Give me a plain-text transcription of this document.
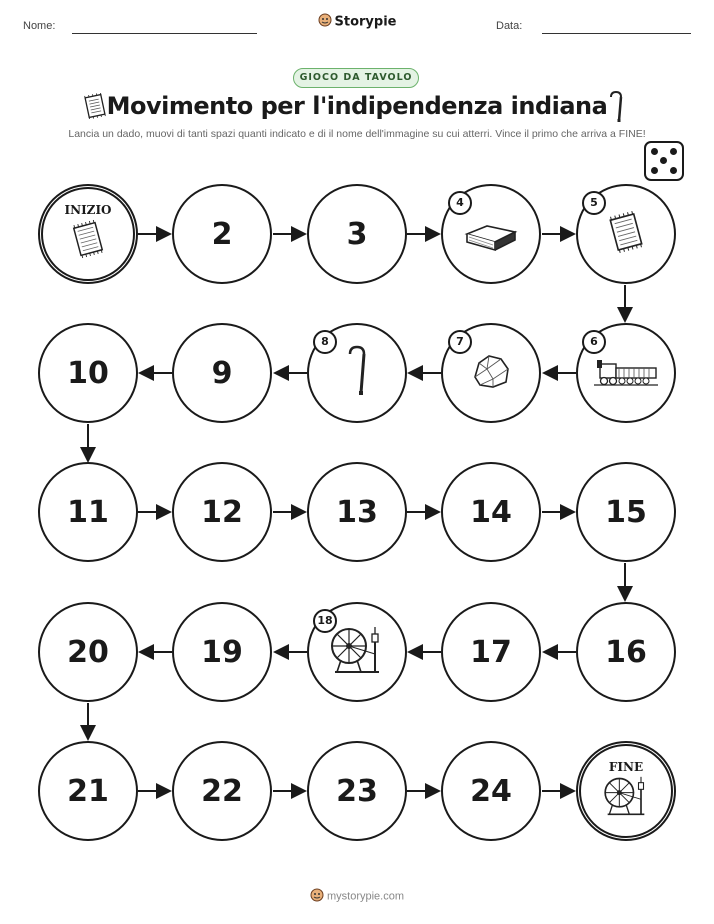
Nome:	Storypie	Data:
GIOCO DA TAVOLO
Movimento per l'indipendenza indiana
Lancia un dado, muovi di tanti spazi quanti indicato e di il nome dell'immagine su cui atterri. Vince il primo che arriva a FINE!
INIZIO
2	3
4	5
6
7
8
9
10
11	12	13	14	15
16
17
18
19
20
21	22	23	24
FINE
mystorypie.com
